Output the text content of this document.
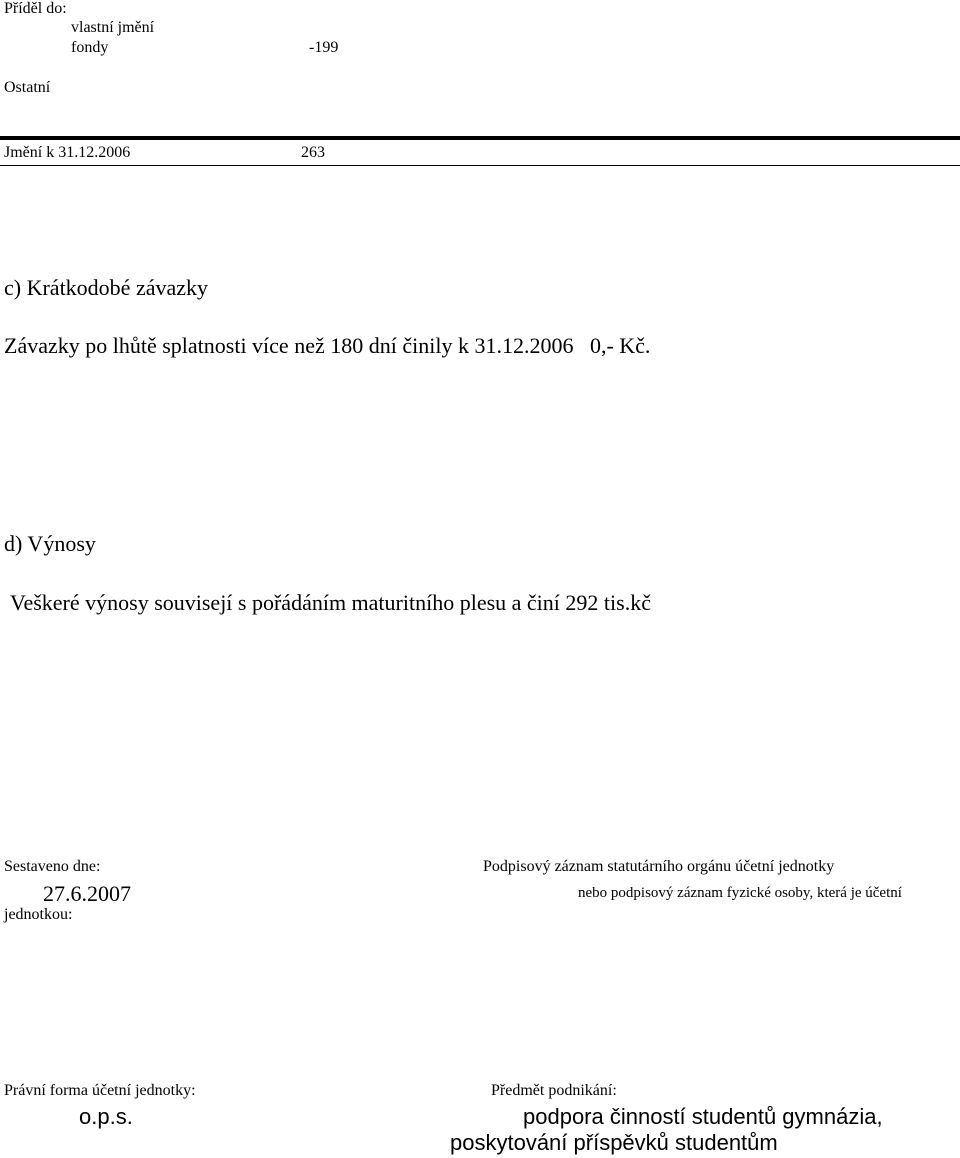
Příděl do:
vlastní jmění
fondy	-199
Ostatní
Jmění k 31.12.2006	263
c) Krátkodobé závazky
Závazky po lhůtě splatnosti více než 180 dní činily k 31.12.2006   0,- Kč.
d) Výnosy
Veškeré výnosy souvisejí s pořádáním maturitního plesu a činí 292 tis.kč
Sestaveno dne:
27.6.2007
Podpisový záznam statutárního orgánu účetní jednotky
nebo podpisový záznam fyzické osoby, která je účetní
jednotkou:
Právní forma účetní jednotky:
o.p.s.
Předmět podnikání:
podpora činností studentů gymnázia,
poskytování příspěvků studentům
